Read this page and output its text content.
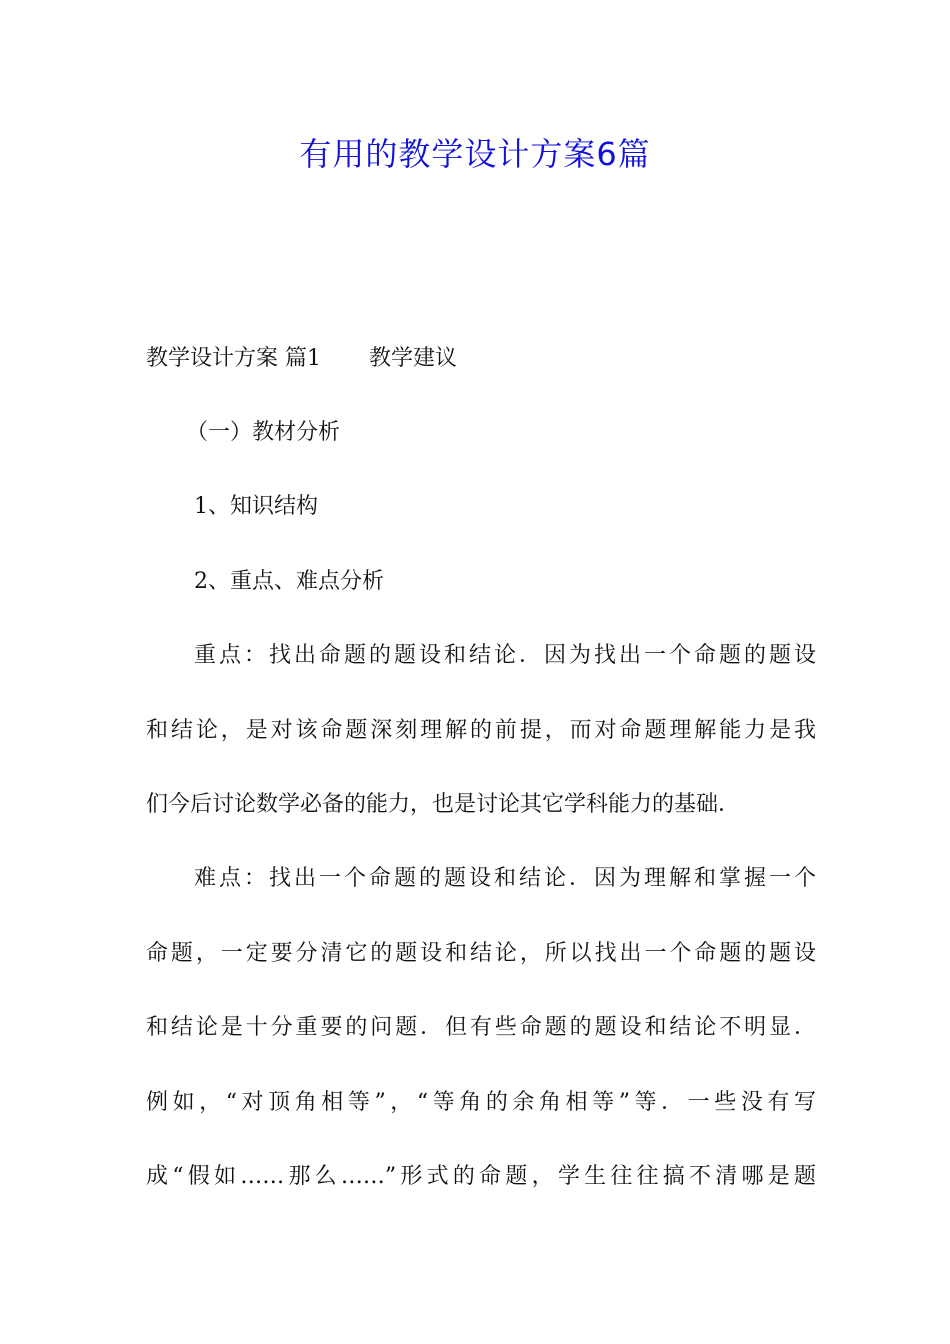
有用的教学设计方案6篇
教学设计方案 篇1 教学建议
（一）教材分析
1、知识结构
2、重点、难点分析
重点：找出命题的题设和结论．因为找出一个命题的题设
和结论，是对该命题深刻理解的前提，而对命题理解能力是我
们今后讨论数学必备的能力，也是讨论其它学科能力的基础．
难点：找出一个命题的题设和结论．因为理解和掌握一个
命题，一定要分清它的题设和结论，所以找出一个命题的题设
和结论是十分重要的问题．但有些命题的题设和结论不明显．
例如，“对顶角相等”，“等角的余角相等”等．一些没有写
成“假如……那么……”形式的命题，学生往往搞不清哪是题
